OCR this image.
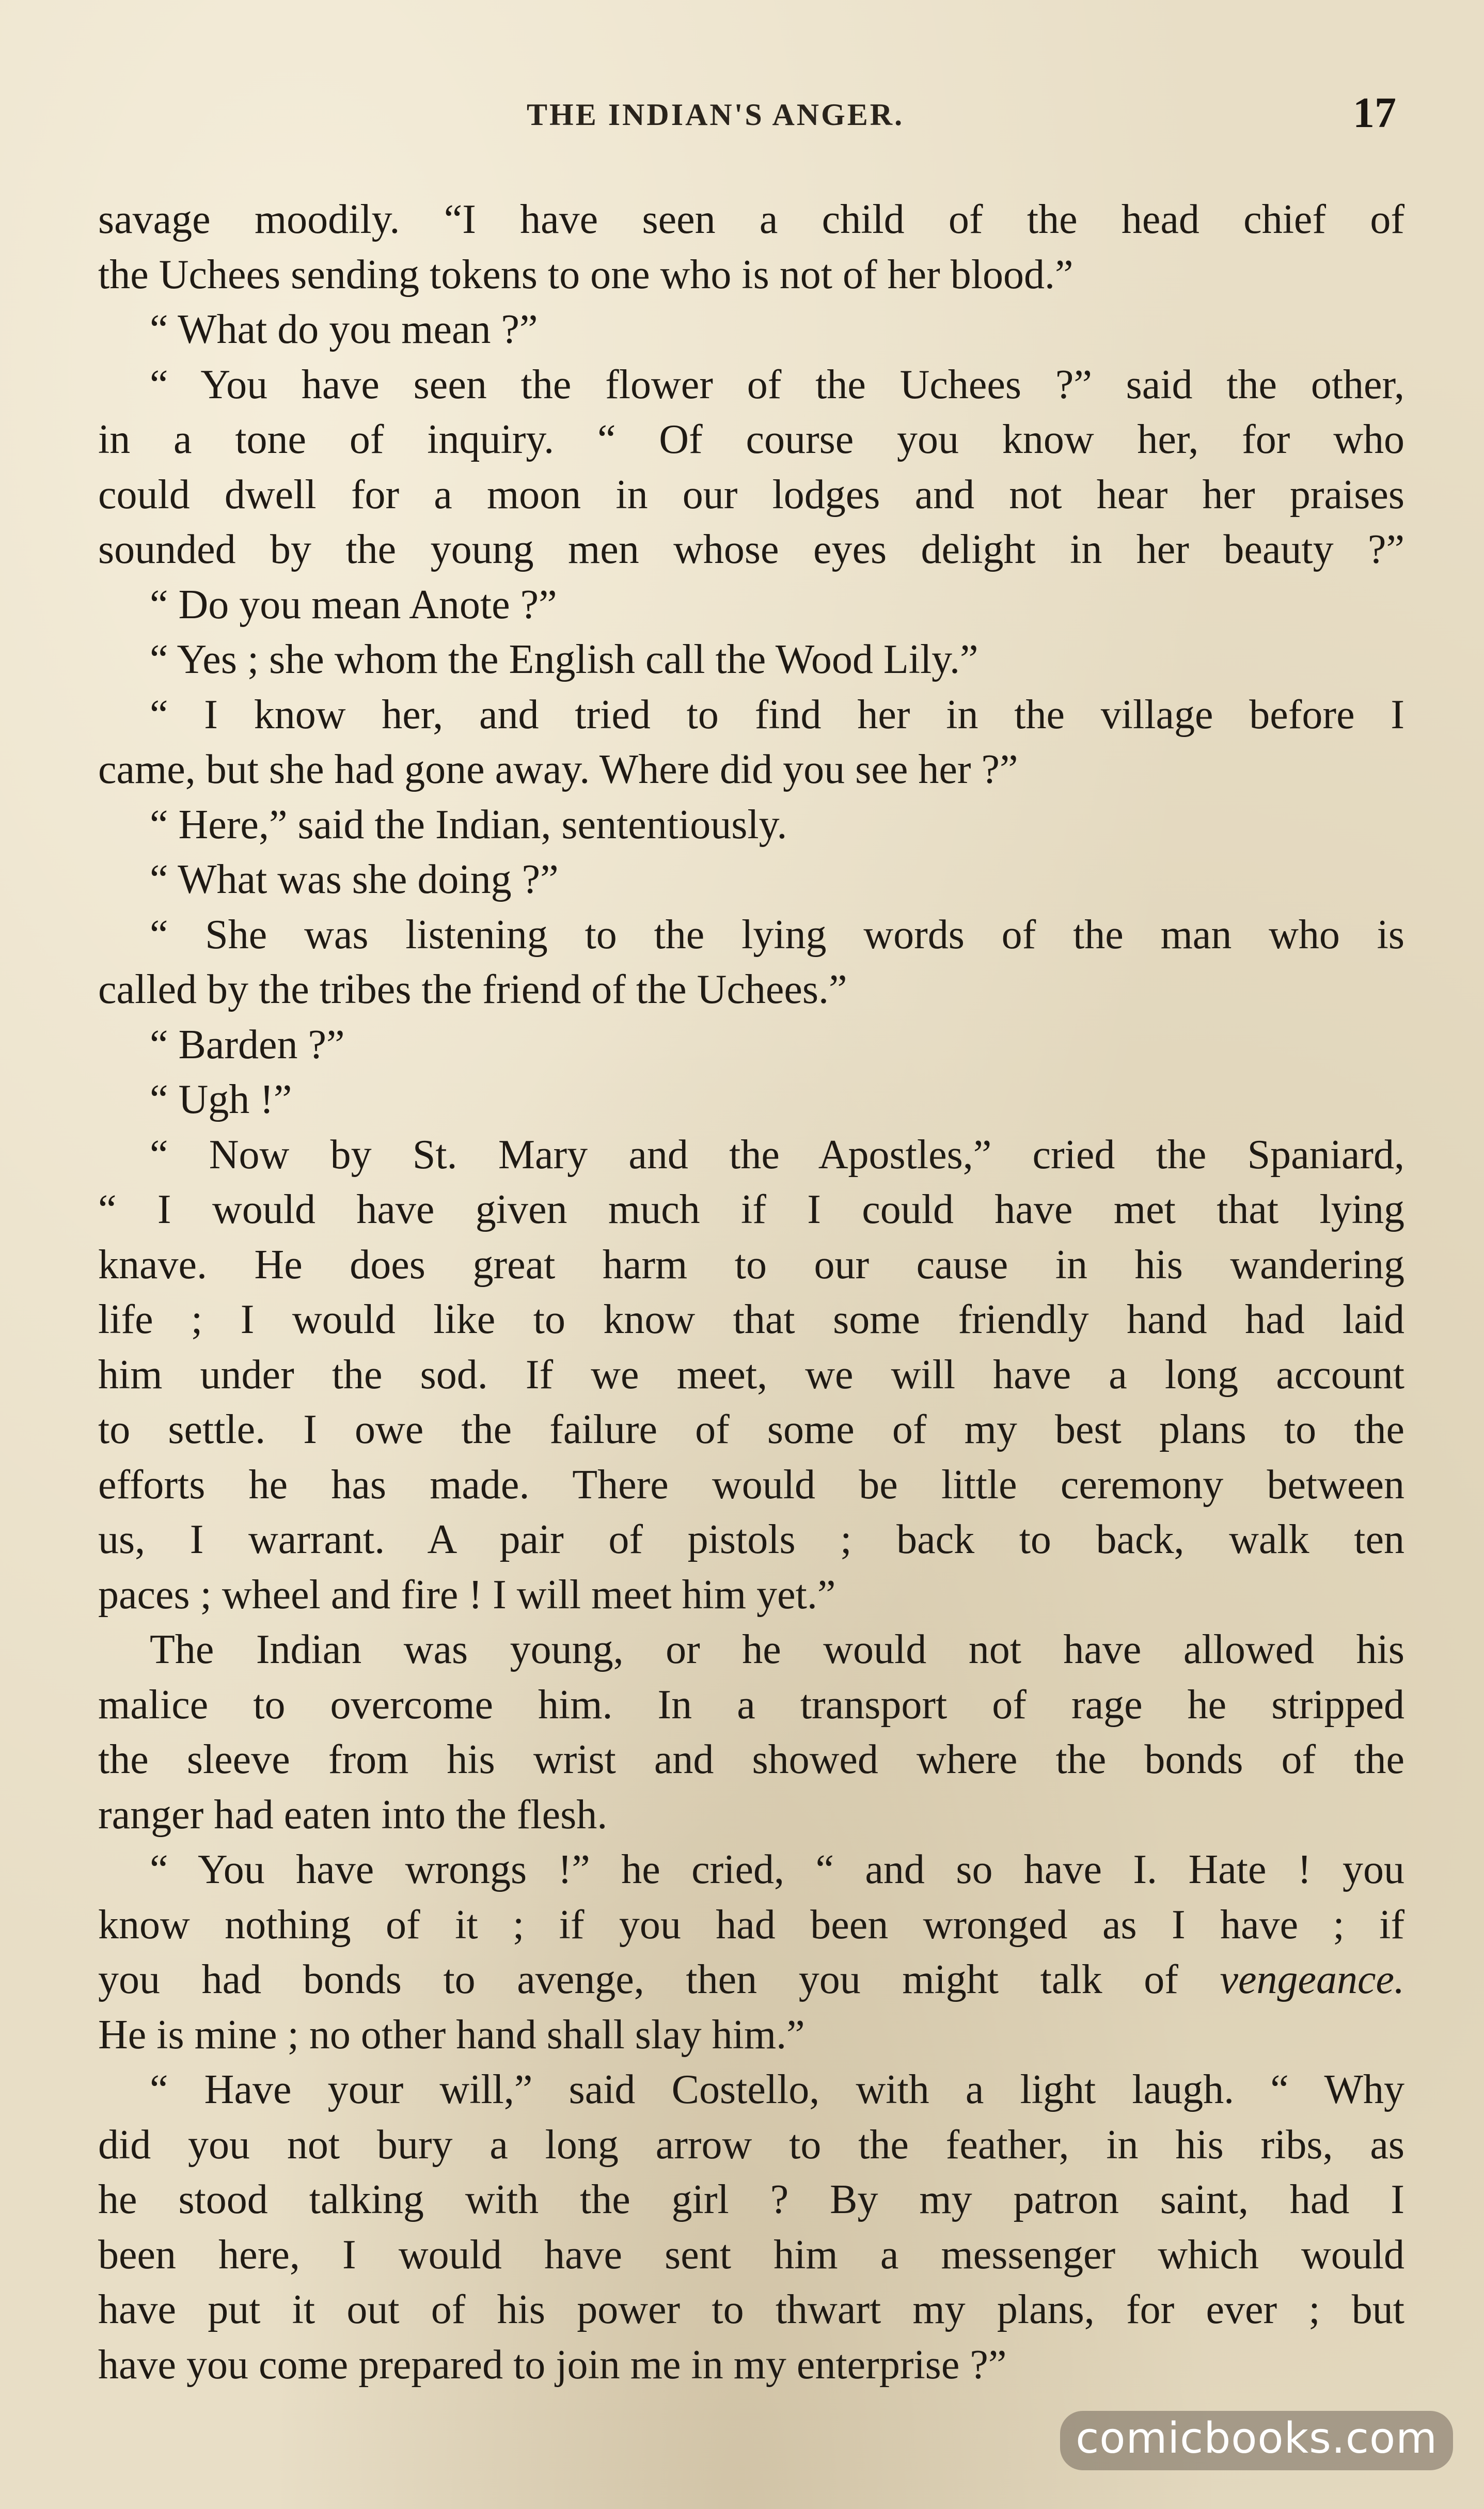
THE INDIAN'S ANGER.	17
savage moodily. “I have seen a child of the head chief of
the Uchees sending tokens to one who is not of her blood.”
“ What do you mean ?”
“ You have seen the flower of the Uchees ?” said the other,
in a tone of inquiry. “ Of course you know her, for who
could dwell for a moon in our lodges and not hear her praises
sounded by the young men whose eyes delight in her beauty ?”
“ Do you mean Anote ?”
“ Yes ; she whom the English call the Wood Lily.”
“ I know her, and tried to find her in the village before I
came, but she had gone away. Where did you see her ?”
“ Here,” said the Indian, sententiously.
“ What was she doing ?”
“ She was listening to the lying words of the man who is
called by the tribes the friend of the Uchees.”
“ Barden ?”
“ Ugh !”
“ Now by St. Mary and the Apostles,” cried the Spaniard,
“ I would have given much if I could have met that lying
knave. He does great harm to our cause in his wandering
life ; I would like to know that some friendly hand had laid
him under the sod. If we meet, we will have a long account
to settle. I owe the failure of some of my best plans to the
efforts he has made. There would be little ceremony between
us, I warrant. A pair of pistols ; back to back, walk ten
paces ; wheel and fire ! I will meet him yet.”
The Indian was young, or he would not have allowed his
malice to overcome him. In a transport of rage he stripped
the sleeve from his wrist and showed where the bonds of the
ranger had eaten into the flesh.
“ You have wrongs !” he cried, “ and so have I. Hate ! you
know nothing of it ; if you had been wronged as I have ; if
you had bonds to avenge, then you might talk of vengeance.
He is mine ; no other hand shall slay him.”
“ Have your will,” said Costello, with a light laugh. “ Why
did you not bury a long arrow to the feather, in his ribs, as
he stood talking with the girl ? By my patron saint, had I
been here, I would have sent him a messenger which would
have put it out of his power to thwart my plans, for ever ; but
have you come prepared to join me in my enterprise ?”
comicbooks.com
